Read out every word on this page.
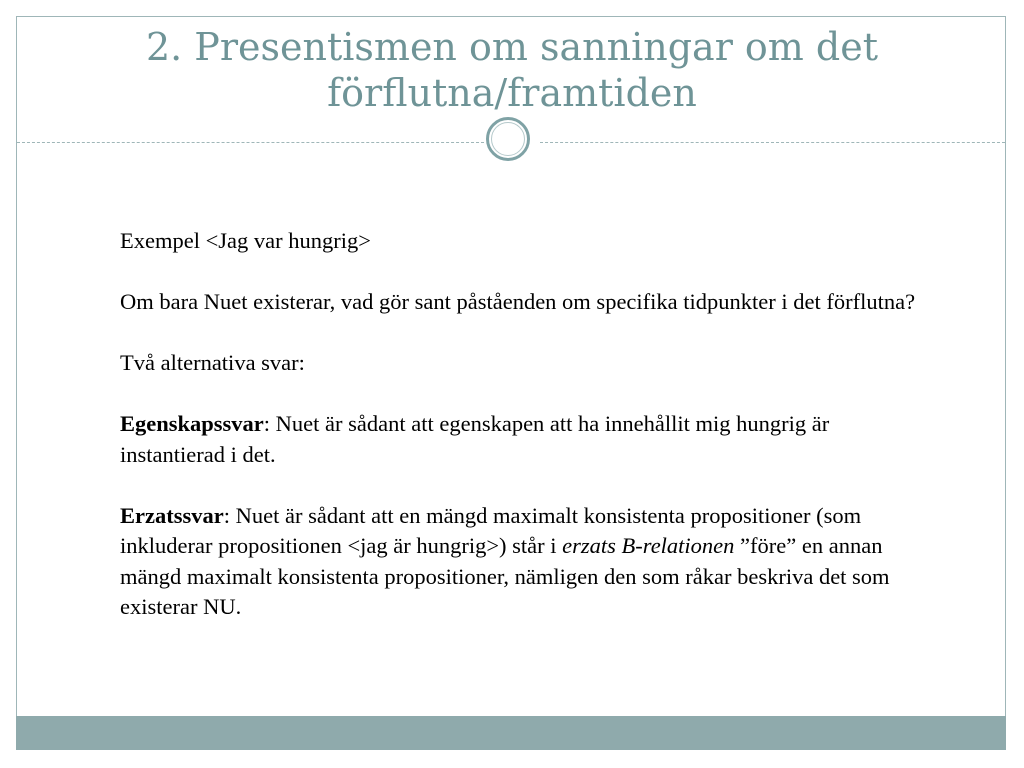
2. Presentismen om sanningar om det förflutna/framtiden

Exempel <Jag var hungrig>

Om bara Nuet existerar, vad gör sant påståenden om specifika tidpunkter i det förflutna?

Två alternativa svar:

Egenskapssvar: Nuet är sådant att egenskapen att ha innehållit mig hungrig är instantierad i det.

Erzatssvar: Nuet är sådant att en mängd maximalt konsistenta propositioner (som inkluderar propositionen <jag är hungrig>) står i erzats B-relationen ”före” en annan mängd maximalt konsistenta propositioner, nämligen den som råkar beskriva det som existerar NU.
